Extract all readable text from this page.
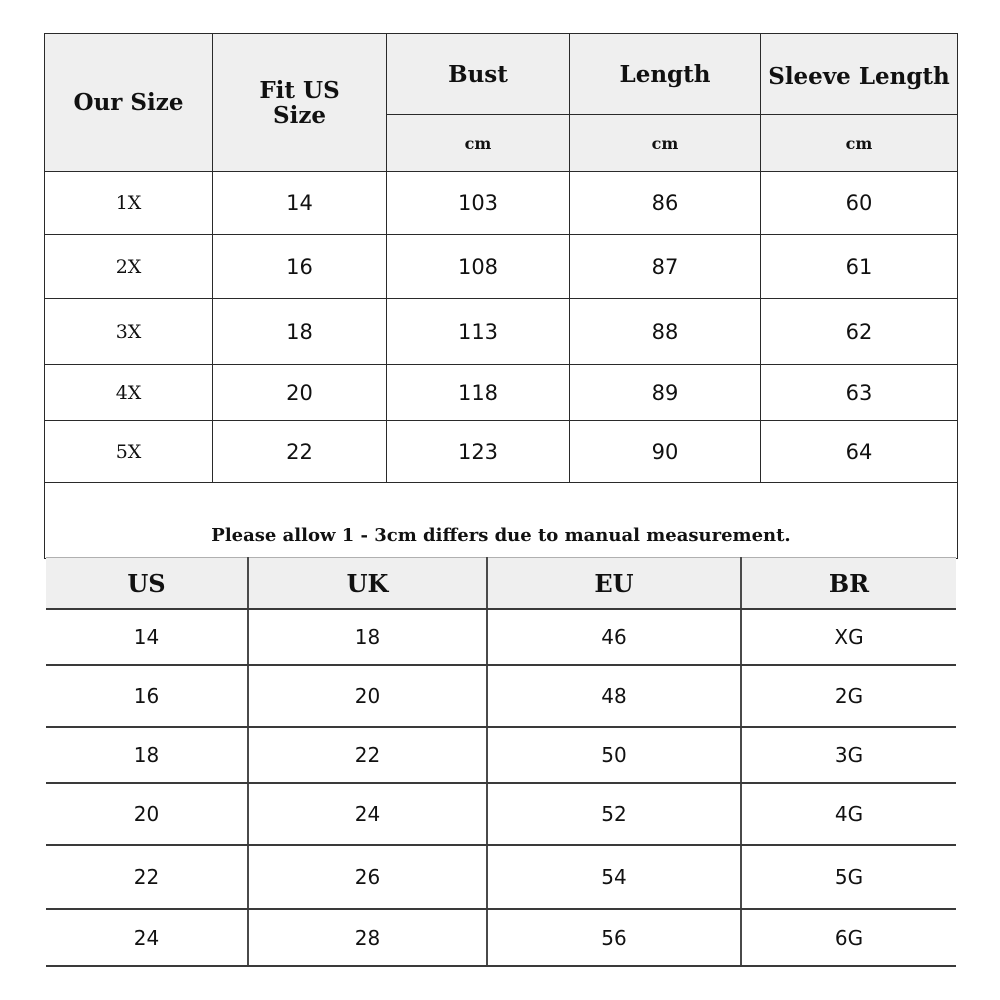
Our Size	Fit US Size	Bust	Length	Sleeve Length
		cm	cm	cm
1X	14	103	86	60
2X	16	108	87	61
3X	18	113	88	62
4X	20	118	89	63
5X	22	123	90	64
Please allow 1 - 3cm differs due to manual measurement.				
US	UK	EU	BR
14	18	46	XG
16	20	48	2G
18	22	50	3G
20	24	52	4G
22	26	54	5G
24	28	56	6G
